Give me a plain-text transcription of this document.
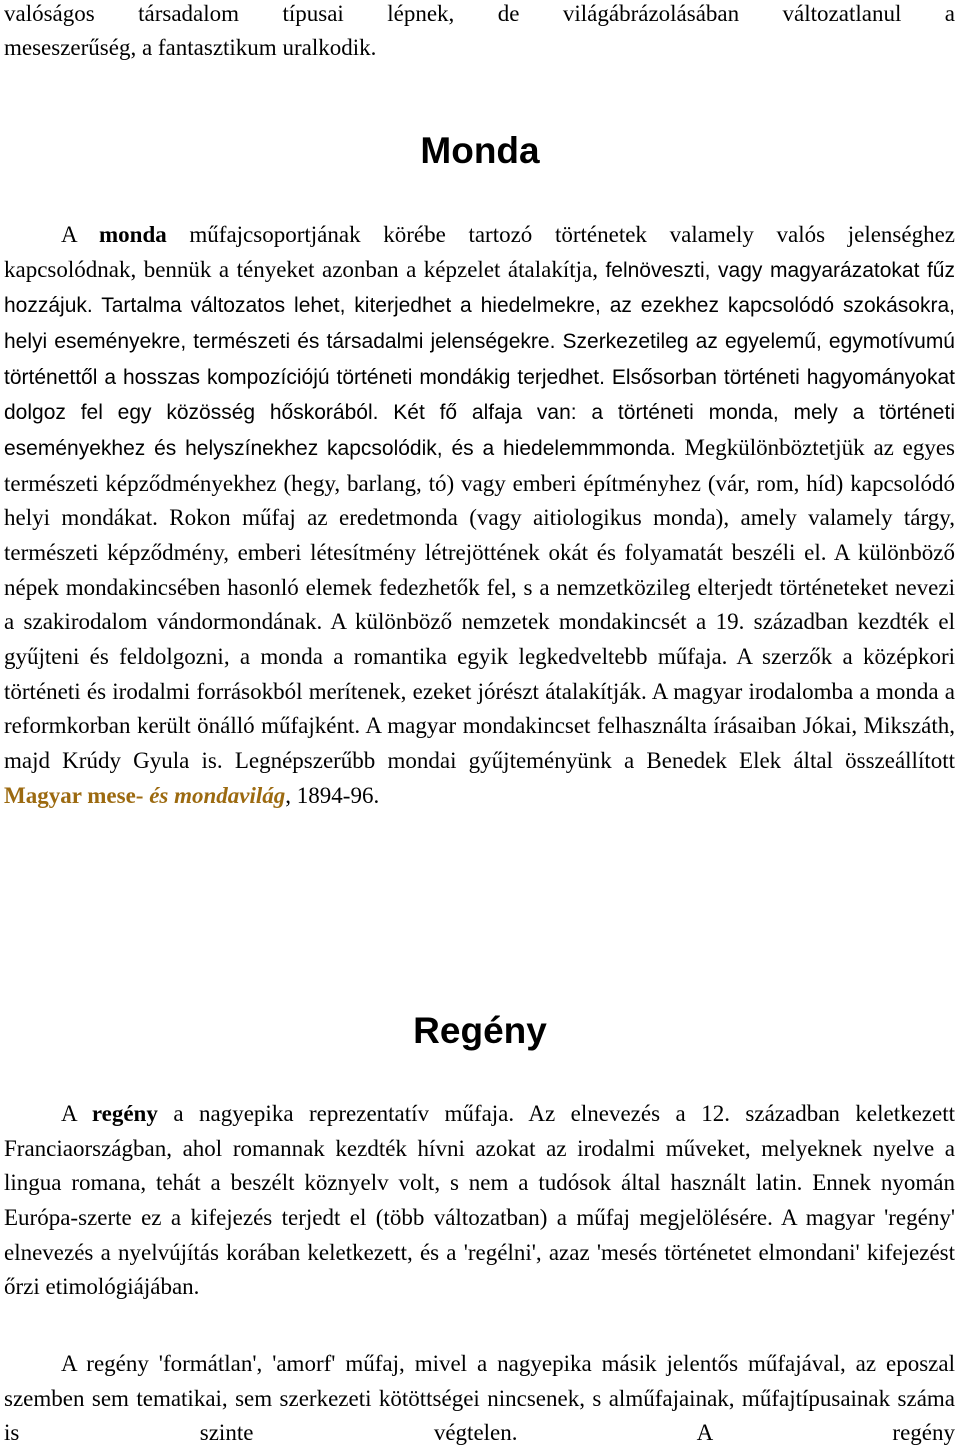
valóságos társadalom típusai lépnek, de világábrázolásában változatlanul a

meseszerűség, a fantasztikum uralkodik.

Monda

A monda műfajcsoportjának körébe tartozó történetek valamely valós jelenséghez kapcsolódnak, bennük a tényeket azonban a képzelet átalakítja, felnöveszti, vagy magyarázatokat fűz hozzájuk. Tartalma változatos lehet, kiterjedhet a hiedelmekre, az ezekhez kapcsolódó szokásokra, helyi eseményekre, természeti és társadalmi jelenségekre. Szerkezetileg az egyelemű, egymotívumú történettől a hosszas kompozíciójú történeti mondákig terjedhet. Elsősorban történeti hagyományokat dolgoz fel egy közösség hőskorából. Két fő alfaja van: a történeti monda, mely a történeti eseményekhez és helyszínekhez kapcsolódik, és a hiedelemmmonda. Megkülönböztetjük az egyes természeti képződményekhez (hegy, barlang, tó) vagy emberi építményhez (vár, rom, híd) kapcsolódó helyi mondákat. Rokon műfaj az eredetmonda (vagy aitiologikus monda), amely valamely tárgy, természeti képződmény, emberi létesítmény létrejöttének okát és folyamatát beszéli el. A különböző népek mondakincsében hasonló elemek fedezhetők fel, s a nemzetközileg elterjedt történeteket nevezi a szakirodalom vándormondának. A különböző nemzetek mondakincsét a 19. században kezdték el gyűjteni és feldolgozni, a monda a romantika egyik legkedveltebb műfaja. A szerzők a középkori történeti és irodalmi forrásokból merítenek, ezeket jórészt átalakítják. A magyar irodalomba a monda a reformkorban került önálló műfajként. A magyar mondakincset felhasználta írásaiban Jókai, Mikszáth, majd Krúdy Gyula is. Legnépszerűbb mondai gyűjteményünk a Benedek Elek által összeállított Magyar mese- és mondavilág, 1894-96.

Regény

A regény a nagyepika reprezentatív műfaja. Az elnevezés a 12. században keletkezett Franciaországban, ahol romannak kezdték hívni azokat az irodalmi műveket, melyeknek nyelve a lingua romana, tehát a beszélt köznyelv volt, s nem a tudósok által használt latin. Ennek nyomán Európa-szerte ez a kifejezés terjedt el (több változatban) a műfaj megjelölésére. A magyar 'regény' elnevezés a nyelvújítás korában keletkezett, és a 'regélni', azaz 'mesés történetet elmondani' kifejezést őrzi etimológiájában.

A regény 'formátlan', 'amorf' műfaj, mivel a nagyepika másik jelentős műfajával, az eposzal szemben sem tematikai, sem szerkezeti kötöttségei nincsenek, s alműfajainak, műfajtípusainak száma is szinte végtelen. A regény
